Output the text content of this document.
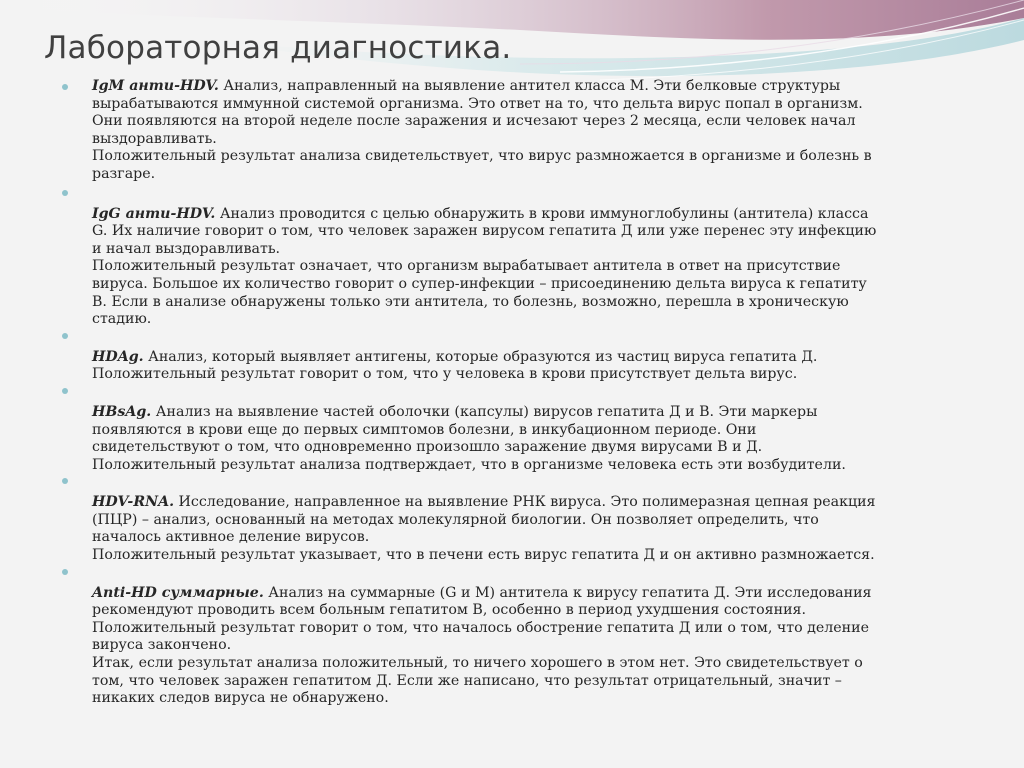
Лабораторная диагностика.
IgM анти-HDV. Анализ, направленный на выявление антител класса М. Эти белковые структуры
вырабатываются иммунной системой организма. Это ответ на то, что дельта вирус попал в организм.
Они появляются на второй неделе после заражения и исчезают через 2 месяца, если человек начал
выздоравливать.
Положительный результат анализа свидетельствует, что вирус размножается в организме и болезнь в
разгаре.
IgG анти-HDV. Анализ проводится с целью обнаружить в крови иммуноглобулины (антитела) класса
G. Их наличие говорит о том, что человек заражен вирусом гепатита Д или уже перенес эту инфекцию
и начал выздоравливать.
Положительный результат означает, что организм вырабатывает антитела в ответ на присутствие
вируса. Большое их количество говорит о супер-инфекции – присоединению дельта вируса к гепатиту
В. Если в анализе обнаружены только эти антитела, то болезнь, возможно, перешла в хроническую
стадию.
HDAg. Анализ, который выявляет антигены, которые образуются из частиц вируса гепатита Д.
Положительный результат говорит о том, что у человека в крови присутствует дельта вирус.
HBsAg. Анализ на выявление частей оболочки (капсулы) вирусов гепатита Д и В. Эти маркеры
появляются в крови еще до первых симптомов болезни, в инкубационном периоде. Они
свидетельствуют о том, что одновременно произошло заражение двумя вирусами В и Д.
Положительный результат анализа подтверждает, что в организме человека есть эти возбудители.
HDV-RNA. Исследование, направленное на выявление РНК вируса. Это полимеразная цепная реакция
(ПЦР) – анализ, основанный на методах молекулярной биологии. Он позволяет определить, что
началось активное деление вирусов.
Положительный результат указывает, что в печени есть вирус гепатита Д и он активно размножается.
Anti-HD суммарные. Анализ на суммарные (G и M) антитела к вирусу гепатита Д. Эти исследования
рекомендуют проводить всем больным гепатитом В, особенно в период ухудшения состояния.
Положительный результат говорит о том, что началось обострение гепатита Д или о том, что деление
вируса закончено.
Итак, если результат анализа положительный, то ничего хорошего в этом нет. Это свидетельствует о
том, что человек заражен гепатитом Д. Если же написано, что результат отрицательный, значит –
никаких следов вируса не обнаружено.
